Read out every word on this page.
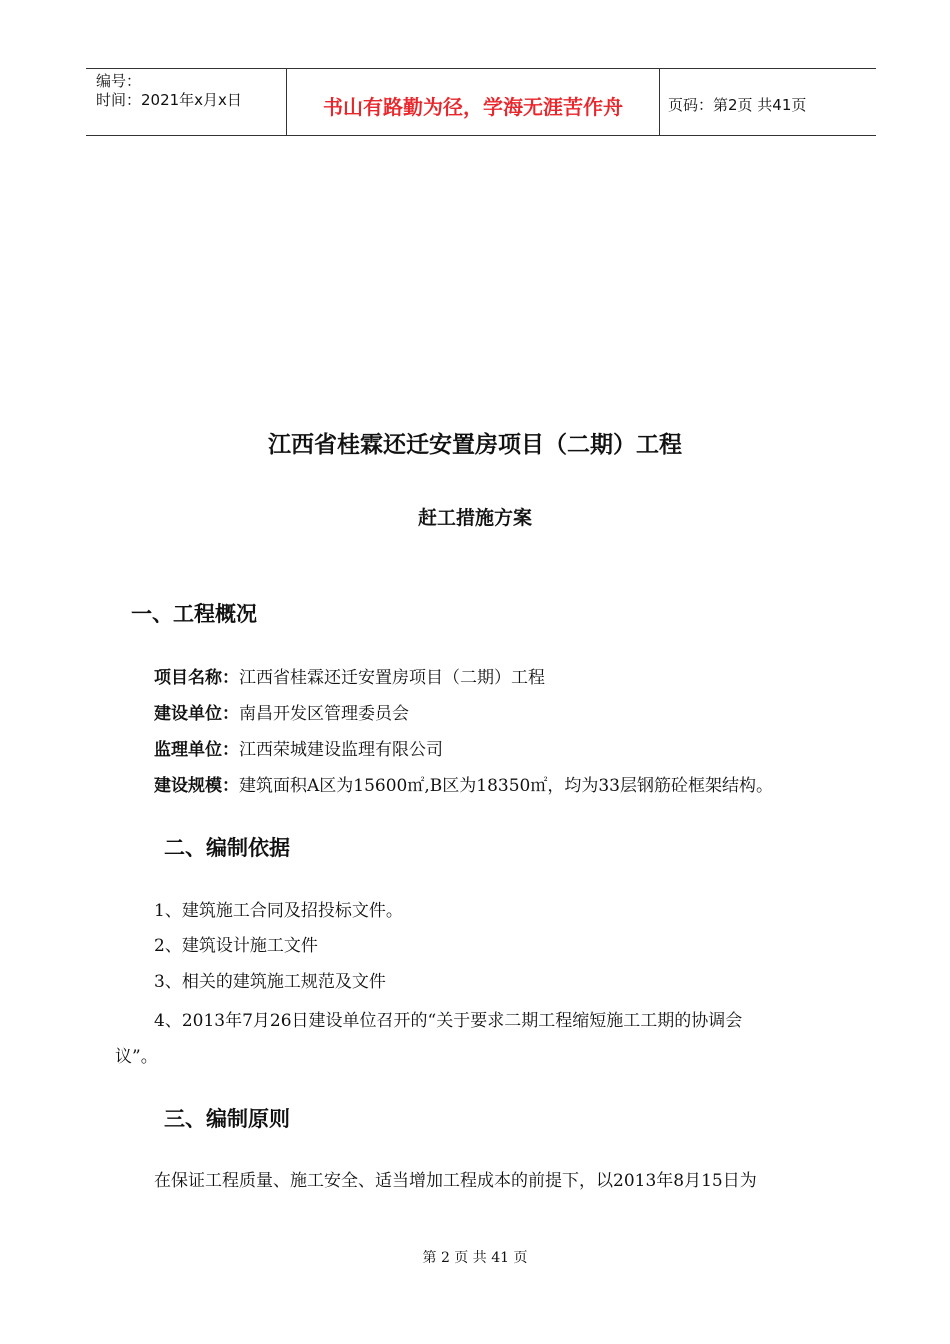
编号：
时间：2021年x月x日	书山有路勤为径，学海无涯苦作舟	页码：第2页 共41页
江西省桂霖还迁安置房项目（二期）工程
赶工措施方案
一、工程概况
项目名称：江西省桂霖还迁安置房项目（二期）工程
建设单位：南昌开发区管理委员会
监理单位：江西荣城建设监理有限公司
建设规模：建筑面积A区为15600㎡,B区为18350㎡，均为33层钢筋砼框架结构。
二、编制依据
1、建筑施工合同及招投标文件。
2、建筑设计施工文件
3、相关的建筑施工规范及文件
4、2013年7月26日建设单位召开的“关于要求二期工程缩短施工工期的协调会
议”。
三、编制原则
在保证工程质量、施工安全、适当增加工程成本的前提下，以2013年8月15日为
第 2 页 共 41 页
